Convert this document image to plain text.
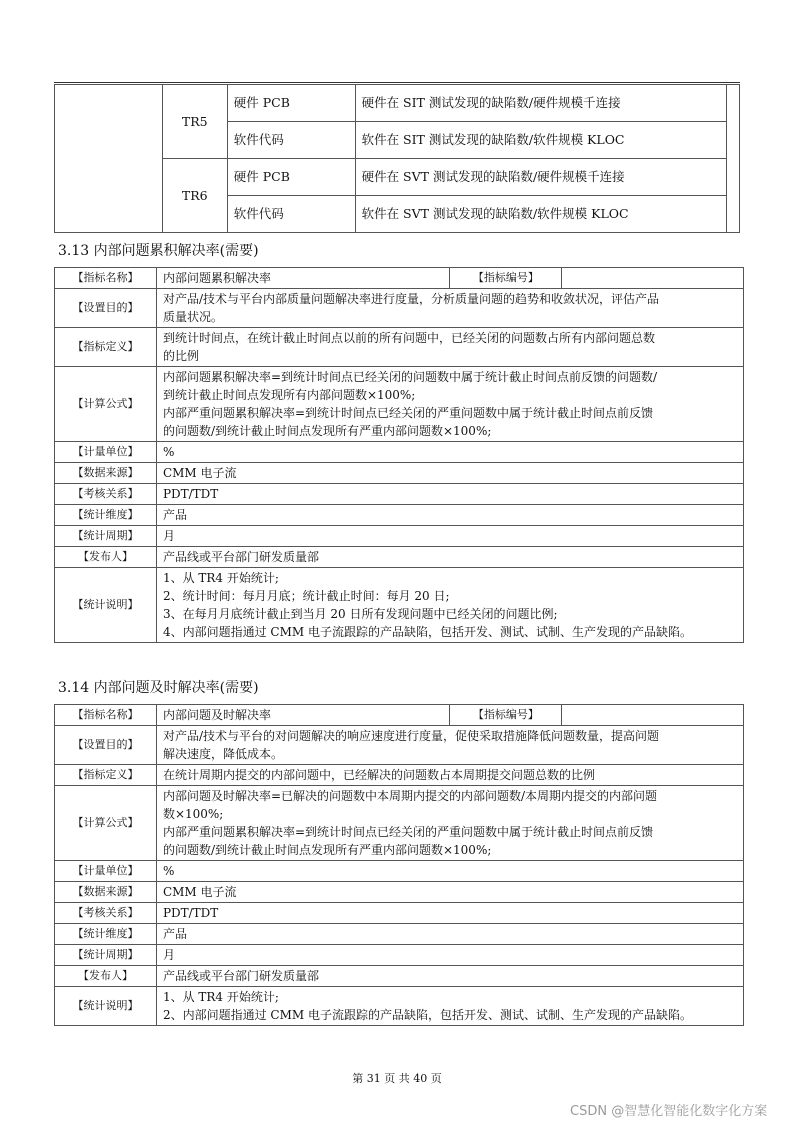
	TR5	硬件 PCB	硬件在 SIT 测试发现的缺陷数/硬件规模千连接	
		软件代码	软件在 SIT 测试发现的缺陷数/软件规模 KLOC	
	TR6	硬件 PCB	硬件在 SVT 测试发现的缺陷数/硬件规模千连接	
		软件代码	软件在 SVT 测试发现的缺陷数/软件规模 KLOC	
3.13 内部问题累积解决率(需要)
【指标名称】	内部问题累积解决率	【指标编号】	
【设置目的】	对产品/技术与平台内部质量问题解决率进行度量，分析质量问题的趋势和收敛状况，评估产品
质量状况。		

【指标定义】	到统计时间点，在统计截止时间点以前的所有问题中，已经关闭的问题数占所有内部问题总数
的比例		

【计算公式】	内部问题累积解决率=到统计时间点已经关闭的问题数中属于统计截止时间点前反馈的问题数/
到统计截止时间点发现所有内部问题数×100%;
内部严重问题累积解决率=到统计时间点已经关闭的严重问题数中属于统计截止时间点前反馈
的问题数/到统计截止时间点发现所有严重内部问题数×100%;		

【计量单位】	%		

【数据来源】	CMM 电子流		

【考核关系】	PDT/TDT		

【统计维度】	产品		

【统计周期】	月		

【发布人】	产品线或平台部门研发质量部		

【统计说明】	1、从 TR4 开始统计;
2、统计时间：每月月底；统计截止时间：每月 20 日;
3、在每月月底统计截止到当月 20 日所有发现问题中已经关闭的问题比例;
4、内部问题指通过 CMM 电子流跟踪的产品缺陷，包括开发、测试、试制、生产发现的产品缺陷。		
3.14 内部问题及时解决率(需要)
【指标名称】	内部问题及时解决率	【指标编号】	
【设置目的】	对产品/技术与平台的对问题解决的响应速度进行度量，促使采取措施降低问题数量，提高问题
解决速度，降低成本。		

【指标定义】	在统计周期内提交的内部问题中，已经解决的问题数占本周期提交问题总数的比例		

【计算公式】	内部问题及时解决率=已解决的问题数中本周期内提交的内部问题数/本周期内提交的内部问题
数×100%;
内部严重问题累积解决率=到统计时间点已经关闭的严重问题数中属于统计截止时间点前反馈
的问题数/到统计截止时间点发现所有严重内部问题数×100%;		

【计量单位】	%		

【数据来源】	CMM 电子流		

【考核关系】	PDT/TDT		

【统计维度】	产品		

【统计周期】	月		

【发布人】	产品线或平台部门研发质量部		

【统计说明】	1、从 TR4 开始统计;
2、内部问题指通过 CMM 电子流跟踪的产品缺陷，包括开发、测试、试制、生产发现的产品缺陷。		
第 31 页 共 40 页
CSDN @智慧化智能化数字化方案
